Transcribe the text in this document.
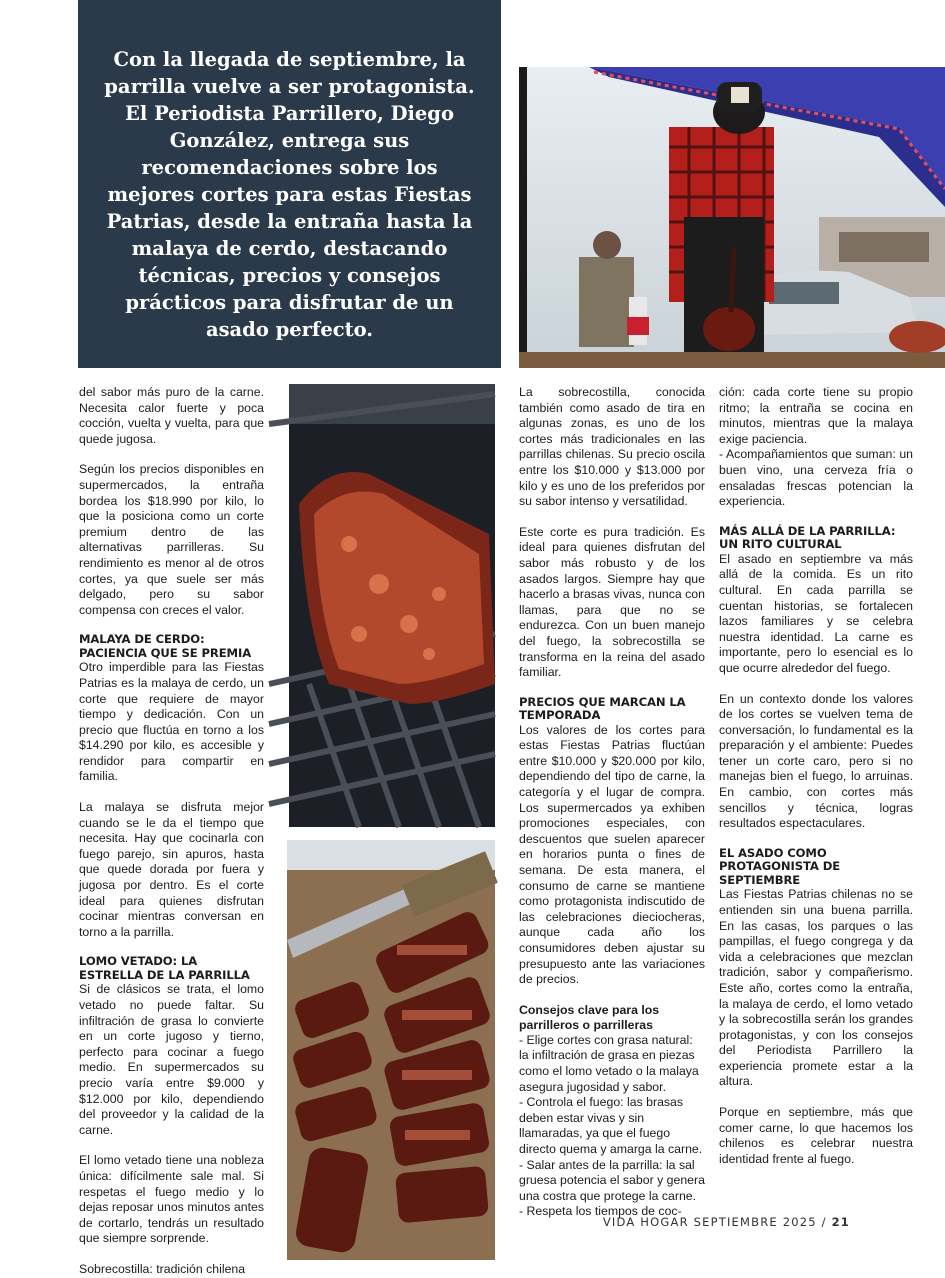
Con la llegada de septiembre, la parrilla vuelve a ser protagonista. El Periodista Parrillero, Diego González, entrega sus recomendaciones sobre los mejores cortes para estas Fiestas Patrias, desde la entraña hasta la malaya de cerdo, destacando técnicas, precios y consejos prácticos para disfrutar de un asado perfecto.

del sabor más puro de la carne. Necesita calor fuerte y poca cocción, vuelta y vuelta, para que quede jugosa.

Según los precios disponibles en supermercados, la entraña bordea los $18.990 por kilo, lo que la posiciona como un corte premium dentro de las alternativas parrilleras. Su rendimiento es menor al de otros cortes, ya que suele ser más delgado, pero su sabor compensa con creces el valor.

MALAYA DE CERDO: PACIENCIA QUE SE PREMIA

Otro imperdible para las Fiestas Patrias es la malaya de cerdo, un corte que requiere de mayor tiempo y dedicación. Con un precio que fluctúa en torno a los $14.290 por kilo, es accesible y rendidor para compartir en familia.

La malaya se disfruta mejor cuando se le da el tiempo que necesita. Hay que cocinarla con fuego parejo, sin apuros, hasta que quede dorada por fuera y jugosa por dentro. Es el corte ideal para quienes disfrutan cocinar mientras conversan en torno a la parrilla.

LOMO VETADO: LA ESTRELLA DE LA PARRILLA

Si de clásicos se trata, el lomo vetado no puede faltar. Su infiltración de grasa lo convierte en un corte jugoso y tierno, perfecto para cocinar a fuego medio. En supermercados su precio varía entre $9.000 y $12.000 por kilo, dependiendo del proveedor y la calidad de la carne.

El lomo vetado tiene una nobleza única: difícilmente sale mal. Si respetas el fuego medio y lo dejas reposar unos minutos antes de cortarlo, tendrás un resultado que siempre sorprende.

Sobrecostilla: tradición chilena

La sobrecostilla, conocida también como asado de tira en algunas zonas, es uno de los cortes más tradicionales en las parrillas chilenas. Su precio oscila entre los $10.000 y $13.000 por kilo y es uno de los preferidos por su sabor intenso y versatilidad.

Este corte es pura tradición. Es ideal para quienes disfrutan del sabor más robusto y de los asados largos. Siempre hay que hacerlo a brasas vivas, nunca con llamas, para que no se endurezca. Con un buen manejo del fuego, la sobrecostilla se transforma en la reina del asado familiar.

PRECIOS QUE MARCAN LA TEMPORADA

Los valores de los cortes para estas Fiestas Patrias fluctúan entre $10.000 y $20.000 por kilo, dependiendo del tipo de carne, la categoría y el lugar de compra. Los supermercados ya exhiben promociones especiales, con descuentos que suelen aparecer en horarios punta o fines de semana. De esta manera, el consumo de carne se mantiene como protagonista indiscutido de las celebraciones dieciocheras, aunque cada año los consumidores deben ajustar su presupuesto ante las variaciones de precios.

Consejos clave para los parrilleros o parrilleras
- Elige cortes con grasa natural: la infiltración de grasa en piezas como el lomo vetado o la malaya asegura jugosidad y sabor.
- Controla el fuego: las brasas deben estar vivas y sin llamaradas, ya que el fuego directo quema y amarga la carne.
- Salar antes de la parrilla: la sal gruesa potencia el sabor y genera una costra que protege la carne.
- Respeta los tiempos de coc-

ción: cada corte tiene su propio ritmo; la entraña se cocina en minutos, mientras que la malaya exige paciencia.

- Acompañamientos que suman: un buen vino, una cerveza fría o ensaladas frescas potencian la experiencia.

MÁS ALLÁ DE LA PARRILLA: UN RITO CULTURAL

El asado en septiembre va más allá de la comida. Es un rito cultural. En cada parrilla se cuentan historias, se fortalecen lazos familiares y se celebra nuestra identidad. La carne es importante, pero lo esencial es lo que ocurre alrededor del fuego.

En un contexto donde los valores de los cortes se vuelven tema de conversación, lo fundamental es la preparación y el ambiente: Puedes tener un corte caro, pero si no manejas bien el fuego, lo arruinas. En cambio, con cortes más sencillos y técnica, logras resultados espectaculares.

EL ASADO COMO PROTAGONISTA DE SEPTIEMBRE

Las Fiestas Patrias chilenas no se entienden sin una buena parrilla. En las casas, los parques o las pampillas, el fuego congrega y da vida a celebraciones que mezclan tradición, sabor y compañerismo. Este año, cortes como la entraña, la malaya de cerdo, el lomo vetado y la sobrecostilla serán los grandes protagonistas, y con los consejos del Periodista Parrillero la experiencia promete estar a la altura.

Porque en septiembre, más que comer carne, lo que hacemos los chilenos es celebrar nuestra identidad frente al fuego.

VIDA HOGAR SEPTIEMBRE 2025 / 21
